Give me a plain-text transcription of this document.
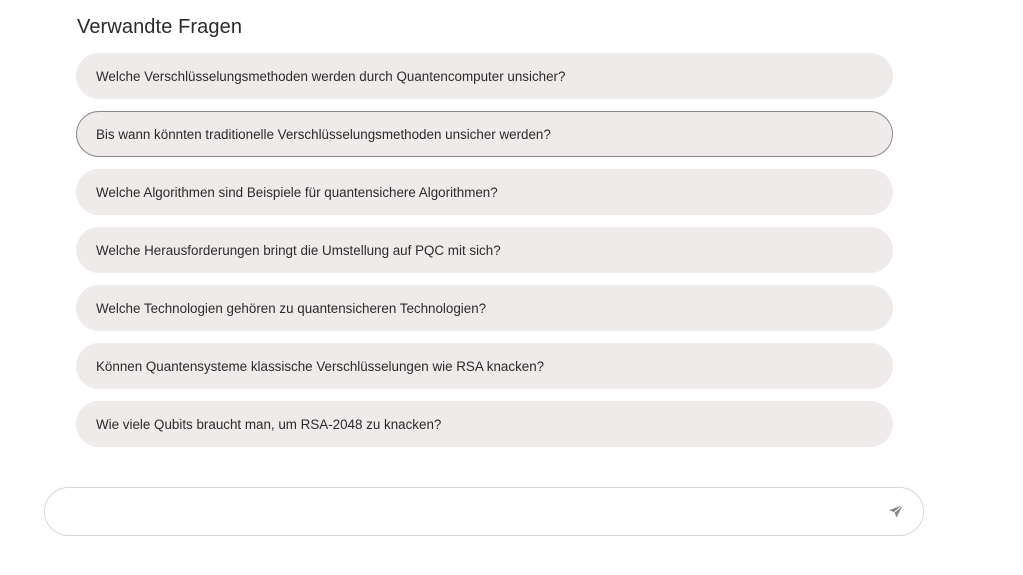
Verwandte Fragen
Welche Verschlüsselungsmethoden werden durch Quantencomputer unsicher?
Bis wann könnten traditionelle Verschlüsselungsmethoden unsicher werden?
Welche Algorithmen sind Beispiele für quantensichere Algorithmen?
Welche Herausforderungen bringt die Umstellung auf PQC mit sich?
Welche Technologien gehören zu quantensicheren Technologien?
Können Quantensysteme klassische Verschlüsselungen wie RSA knacken?
Wie viele Qubits braucht man, um RSA-2048 zu knacken?
